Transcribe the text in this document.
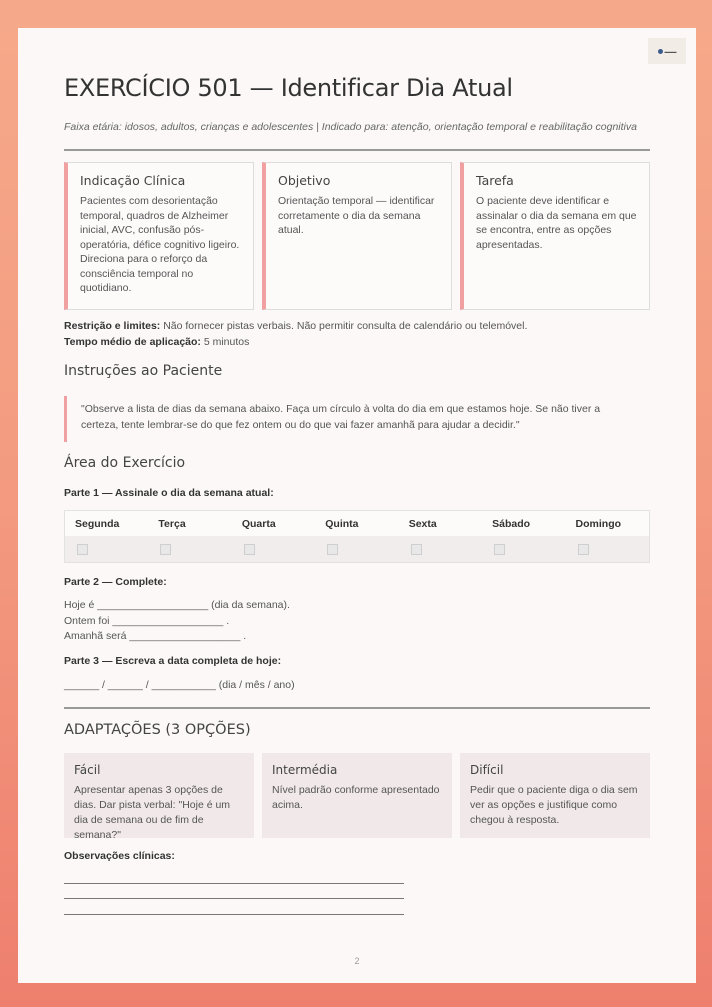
▬▬▬
EXERCÍCIO 501 — Identificar Dia Atual
Faixa etária: idosos, adultos, crianças e adolescentes | Indicado para: atenção, orientação temporal e reabilitação cognitiva
Indicação Clínica
Pacientes com desorientação temporal, quadros de Alzheimer inicial, AVC, confusão pós-operatória, défice cognitivo ligeiro. Direciona para o reforço da consciência temporal no quotidiano.
Objetivo
Orientação temporal — identificar corretamente o dia da semana atual.
Tarefa
O paciente deve identificar e assinalar o dia da semana em que se encontra, entre as opções apresentadas.
Restrição e limites: Não fornecer pistas verbais. Não permitir consulta de calendário ou telemóvel.
Tempo médio de aplicação: 5 minutos
Instruções ao Paciente
"Observe a lista de dias da semana abaixo. Faça um círculo à volta do dia em que estamos hoje. Se não tiver a certeza, tente lembrar-se do que fez ontem ou do que vai fazer amanhã para ajudar a decidir."
Área do Exercício
Parte 1 — Assinale o dia da semana atual:
Segunda	Terça	Quarta	Quinta	Sexta	Sábado	Domingo
Parte 2 — Complete:
Hoje é ___________________ (dia da semana).
Ontem foi ___________________ .
Amanhã será ___________________ .
Parte 3 — Escreva a data completa de hoje:
______ / ______ / ___________ (dia / mês / ano)
ADAPTAÇÕES (3 OPÇÕES)
Fácil
Apresentar apenas 3 opções de dias. Dar pista verbal: "Hoje é um dia de semana ou de fim de semana?"
Intermédia
Nível padrão conforme apresentado acima.
Difícil
Pedir que o paciente diga o dia sem ver as opções e justifique como chegou à resposta.
Observações clínicas:
2
